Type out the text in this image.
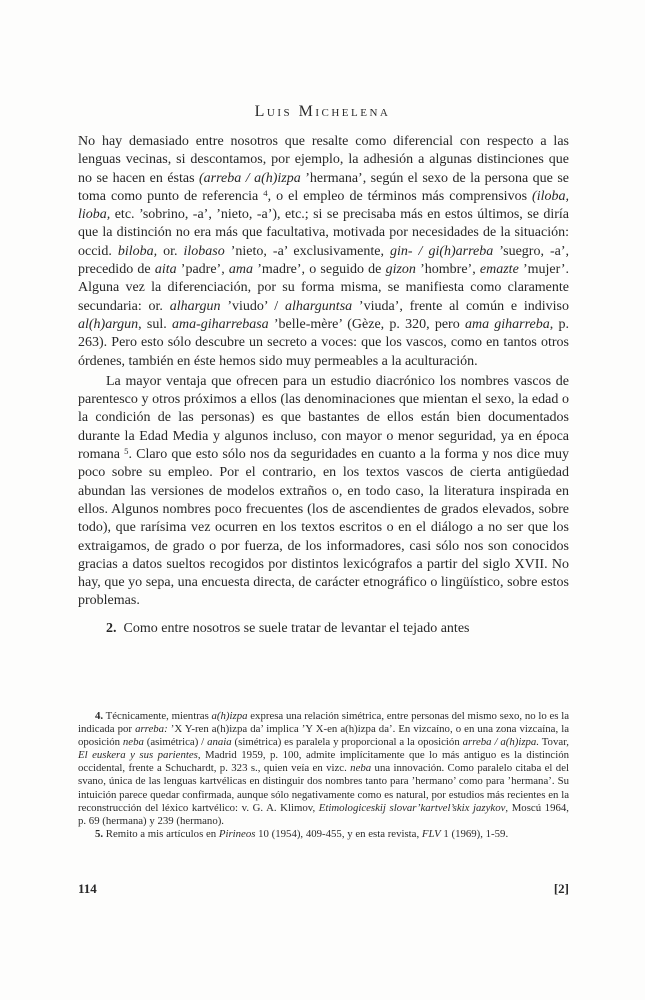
Luis Michelena

No hay demasiado entre nosotros que resalte como diferencial con respecto a las lenguas vecinas, si descontamos, por ejemplo, la adhesión a algunas distinciones que no se hacen en éstas (arreba / a(h)izpa ’hermana’, según el sexo de la persona que se toma como punto de referencia $^4$, o el empleo de términos más comprensivos (iloba, lioba, etc. ’sobrino, -a’, ’nieto, -a’), etc.; si se precisaba más en estos últimos, se diría que la distinción no era más que facultativa, motivada por necesidades de la situación: occid. biloba, or. ilobaso ’nieto, -a’ exclusivamente, gin- / gi(h)arreba ’suegro, -a’, precedido de aita ’padre’, ama ’madre’, o seguido de gizon ’hombre’, emazte ’mujer’. Alguna vez la diferenciación, por su forma misma, se manifiesta como claramente secundaria: or. alhargun ’viudo’ / alharguntsa ’viuda’, frente al común e indiviso al(h)argun, sul. ama-giharrebasa ’belle-mère’ (Gèze, p. 320, pero ama giharreba, p. 263). Pero esto sólo descubre un secreto a voces: que los vascos, como en tantos otros órdenes, también en éste hemos sido muy permeables a la aculturación.

La mayor ventaja que ofrecen para un estudio diacrónico los nombres vascos de parentesco y otros próximos a ellos (las denominaciones que mientan el sexo, la edad o la condición de las personas) es que bastantes de ellos están bien documentados durante la Edad Media y algunos incluso, con mayor o menor seguridad, ya en época romana $^5$. Claro que esto sólo nos da seguridades en cuanto a la forma y nos dice muy poco sobre su empleo. Por el contrario, en los textos vascos de cierta antigüedad abundan las versiones de modelos extraños o, en todo caso, la literatura inspirada en ellos. Algunos nombres poco frecuentes (los de ascendientes de grados elevados, sobre todo), que rarísima vez ocurren en los textos escritos o en el diálogo a no ser que los extraigamos, de grado o por fuerza, de los informadores, casi sólo nos son conocidos gracias a datos sueltos recogidos por distintos lexicógrafos a partir del siglo XVII. No hay, que yo sepa, una encuesta directa, de carácter etnográfico o lingüístico, sobre estos problemas.

2. Como entre nosotros se suele tratar de levantar el tejado antes

4. Técnicamente, mientras a(h)izpa expresa una relación simétrica, entre personas del mismo sexo, no lo es la indicada por arreba: ’X Y-ren a(h)izpa da’ implica ’Y X-en a(h)izpa da’. En vizcaíno, o en una zona vizcaína, la oposición neba (asimétrica) / anaia (simétrica) es paralela y proporcional a la oposición arreba / a(h)izpa. Tovar, El euskera y sus parientes, Madrid 1959, p. 100, admite implícitamente que lo más antiguo es la distinción occidental, frente a Schuchardt, p. 323 s., quien veía en vizc. neba una innovación. Como paralelo citaba el del svano, única de las lenguas kartvélicas en distinguir dos nombres tanto para ’hermano’ como para ’hermana’. Su intuición parece quedar confirmada, aunque sólo negativamente como es natural, por estudios más recientes en la reconstrucción del léxico kartvélico: v. G. A. Klimov, Etimologiceskij slovar’kartvel’skix jazykov, Moscú 1964, p. 69 (hermana) y 239 (hermano).

5. Remito a mis artículos en Pirineos 10 (1954), 409-455, y en esta revista, FLV 1 (1969), 1-59.

114	[2]
